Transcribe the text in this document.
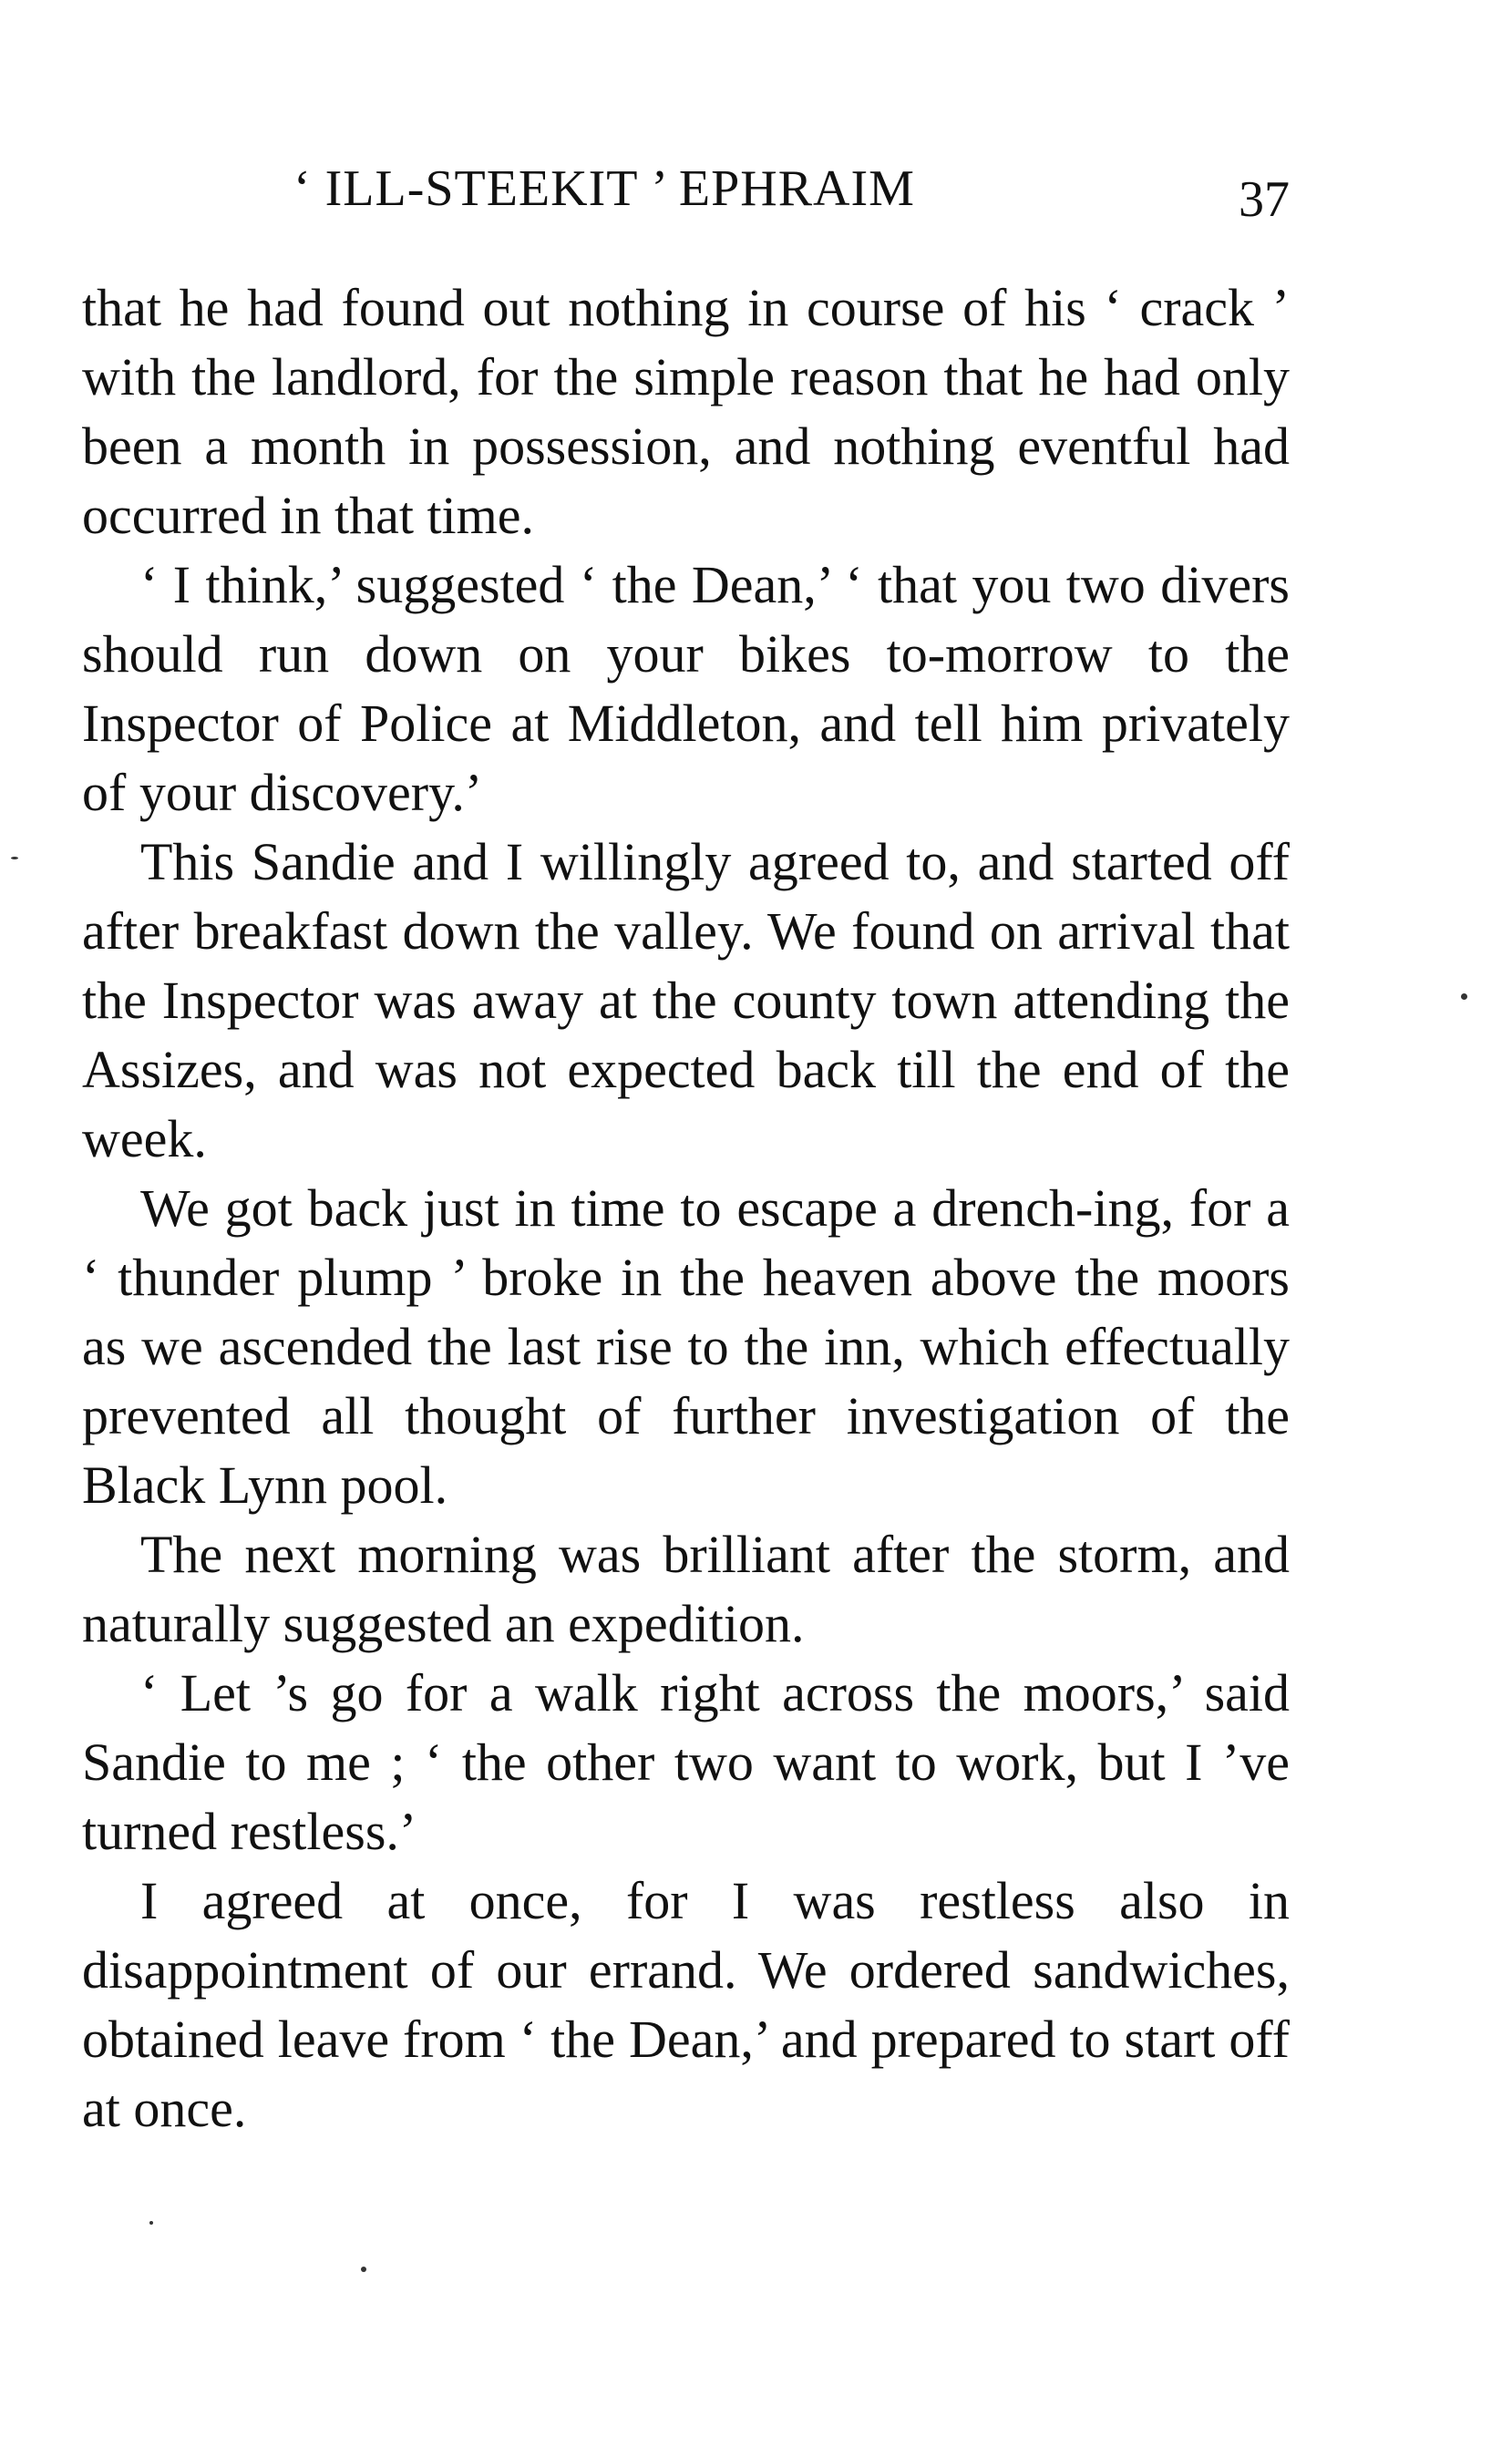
‘ ILL-STEEKIT ’ EPHRAIM	37

that he had found out nothing in course of his ‘ crack ’ with the landlord, for the simple reason that he had only been a month in possession, and nothing eventful had occurred in that time.

‘ I think,’ suggested ‘ the Dean,’ ‘ that you two divers should run down on your bikes to-morrow to the Inspector of Police at Middleton, and tell him privately of your discovery.’

This Sandie and I willingly agreed to, and started off after breakfast down the valley. We found on arrival that the Inspector was away at the county town attending the Assizes, and was not expected back till the end of the week.

We got back just in time to escape a drench-ing, for a ‘ thunder plump ’ broke in the heaven above the moors as we ascended the last rise to the inn, which effectually prevented all thought of further investigation of the Black Lynn pool.

The next morning was brilliant after the storm, and naturally suggested an expedition.

‘ Let ’s go for a walk right across the moors,’ said Sandie to me ; ‘ the other two want to work, but I ’ve turned restless.’

I agreed at once, for I was restless also in disappointment of our errand. We ordered sandwiches, obtained leave from ‘ the Dean,’ and prepared to start off at once.
